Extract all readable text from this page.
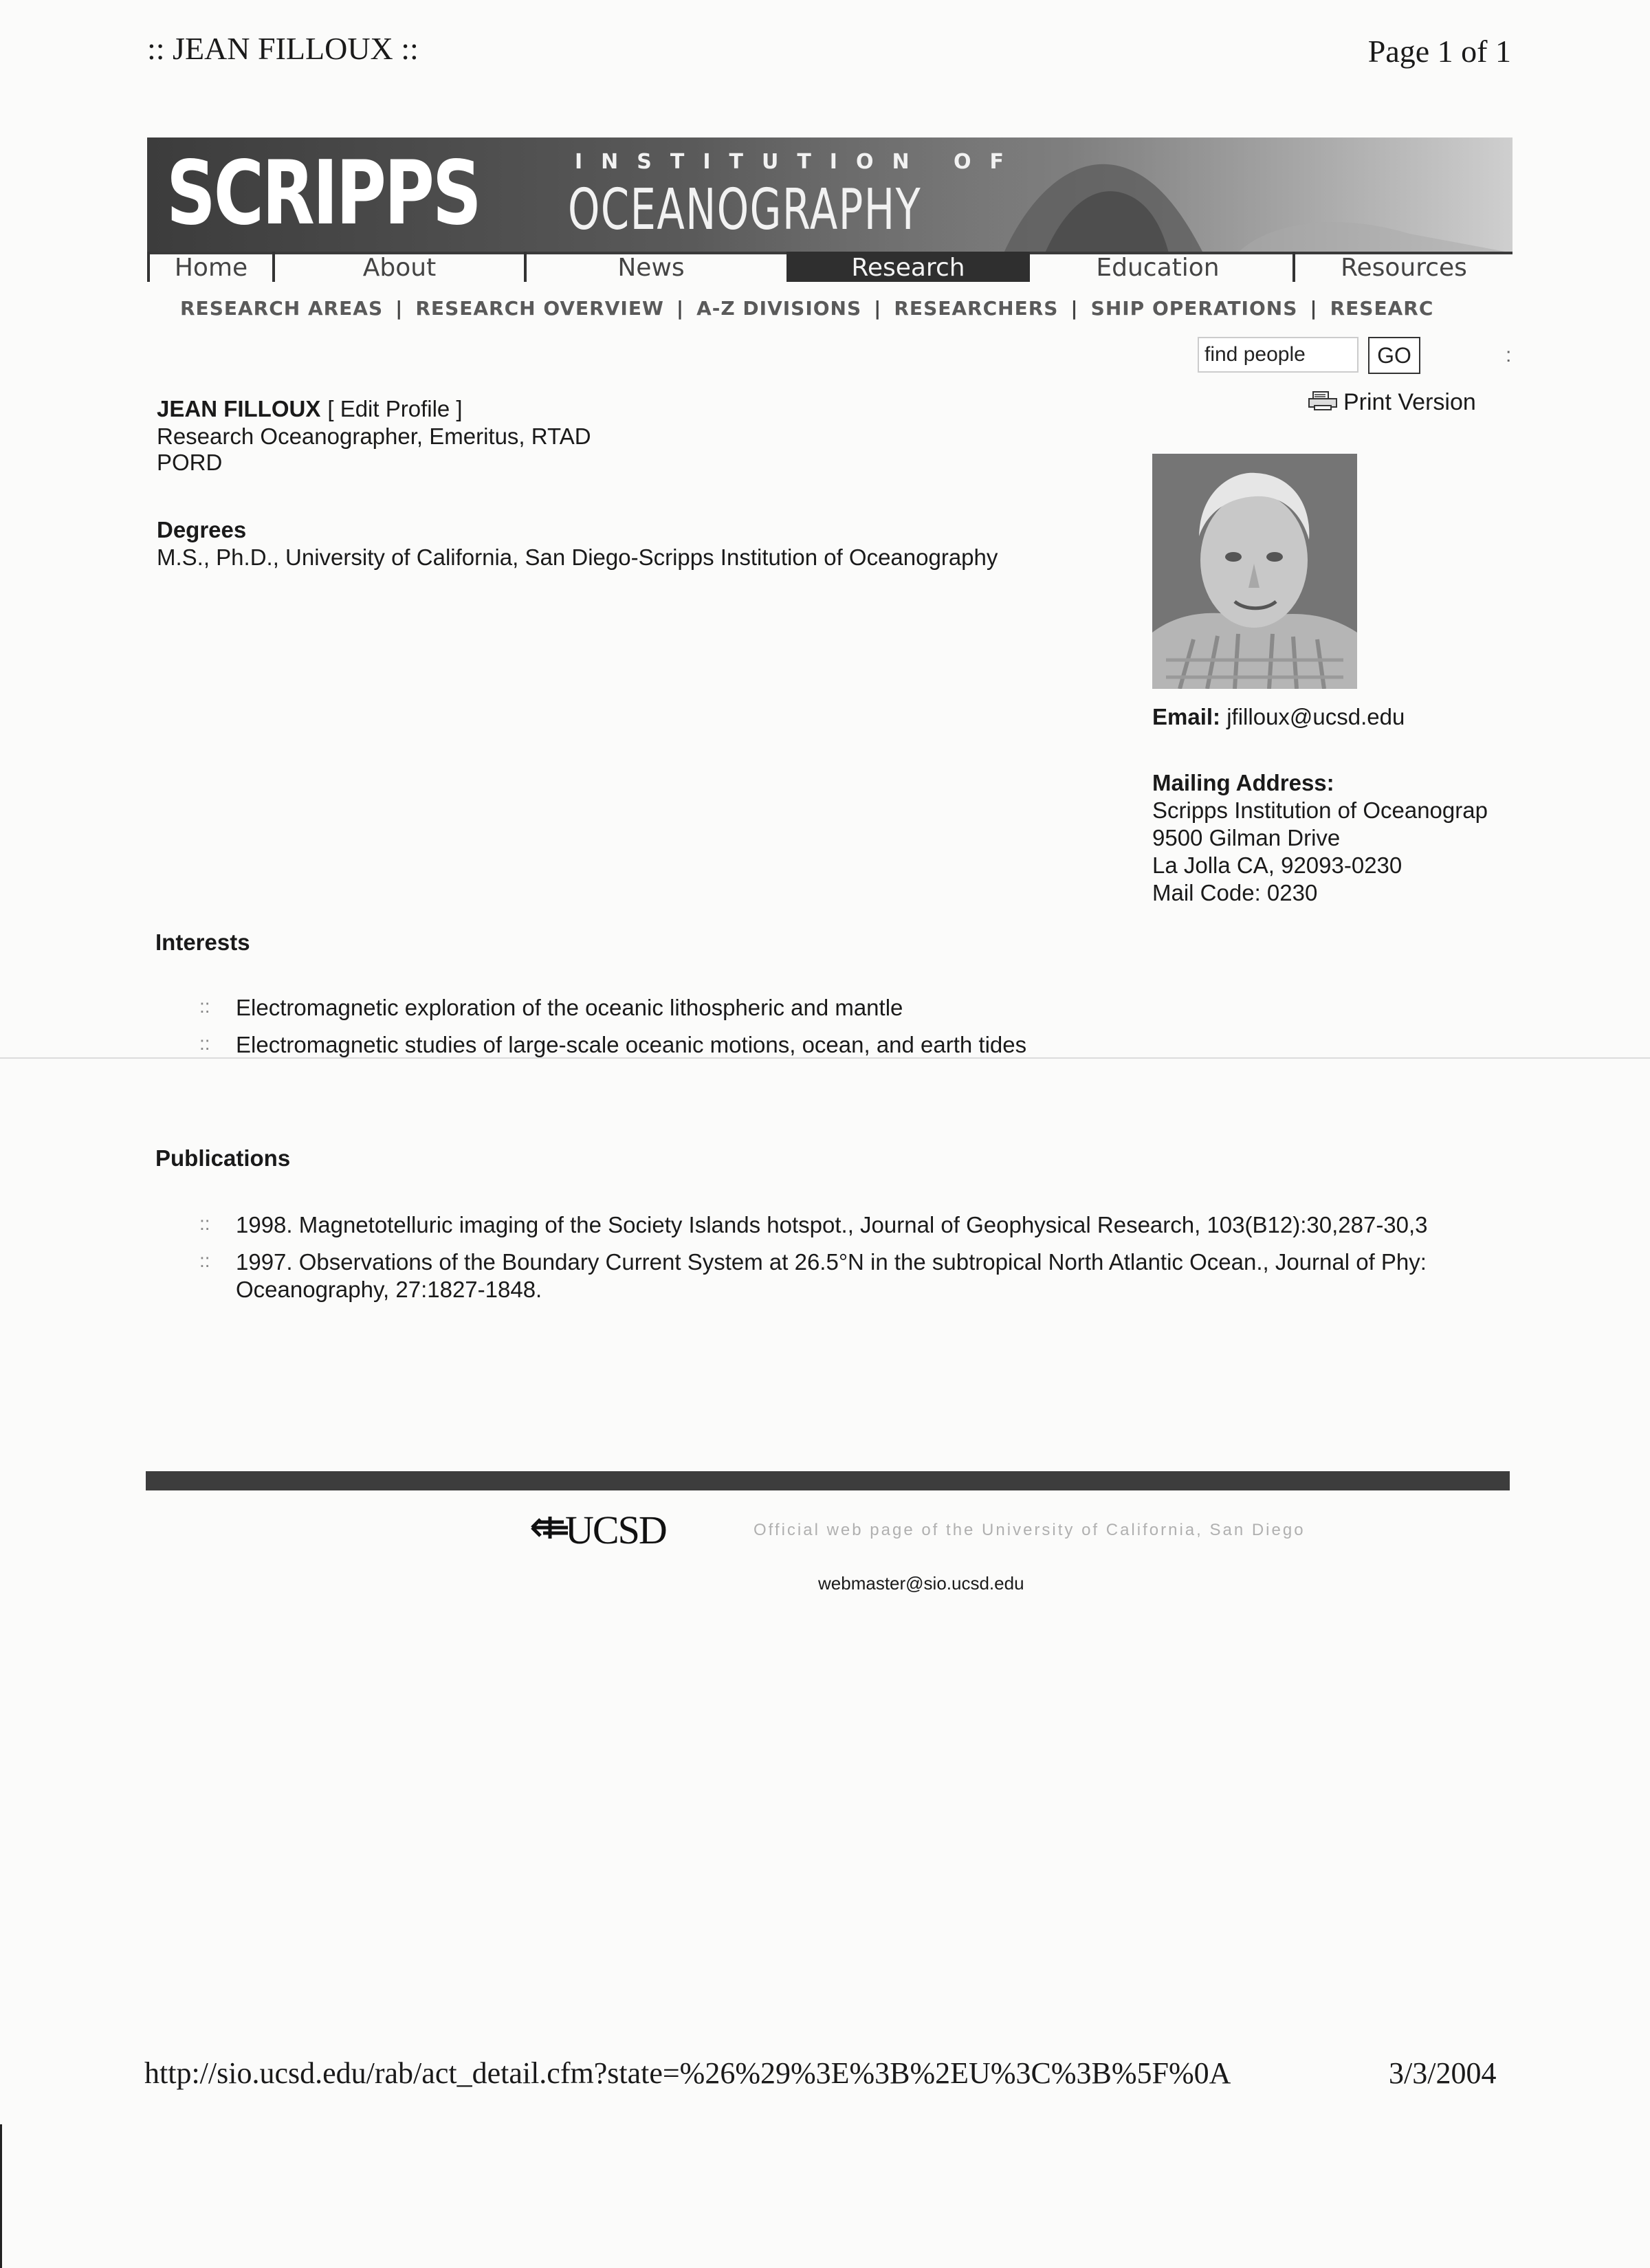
:: JEAN FILLOUX ::	Page 1 of 1
SCRIPPS	INSTITUTION OF
OCEANOGRAPHY
Home	About	News	Research	Education	Resources
RESEARCH AREAS | RESEARCH OVERVIEW | A-Z DIVISIONS | RESEARCHERS | SHIP OPERATIONS | RESEARC
find people
GO	:
JEAN FILLOUX [ Edit Profile ]
Research Oceanographer, Emeritus, RTAD
PORD
Print Version
Degrees
M.S., Ph.D., University of California, San Diego-Scripps Institution of Oceanography
Email: jfilloux@ucsd.edu
Mailing Address:
Scripps Institution of Oceanograp
9500 Gilman Drive
La Jolla CA, 92093-0230
Mail Code: 0230
Interests
:: Electromagnetic exploration of the oceanic lithospheric and mantle
:: Electromagnetic studies of large-scale oceanic motions, ocean, and earth tides
Publications
:: 1998. Magnetotelluric imaging of the Society Islands hotspot., Journal of Geophysical Research, 103(B12):30,287-30,3
:: 1997. Observations of the Boundary Current System at 26.5°N in the subtropical North Atlantic Ocean., Journal of Phy:
Oceanography, 27:1827-1848.
UCSD	Official web page of the University of California, San Diego
webmaster@sio.ucsd.edu
http://sio.ucsd.edu/rab/act_detail.cfm?state=%26%29%3E%3B%2EU%3C%3B%5F%0A	3/3/2004
